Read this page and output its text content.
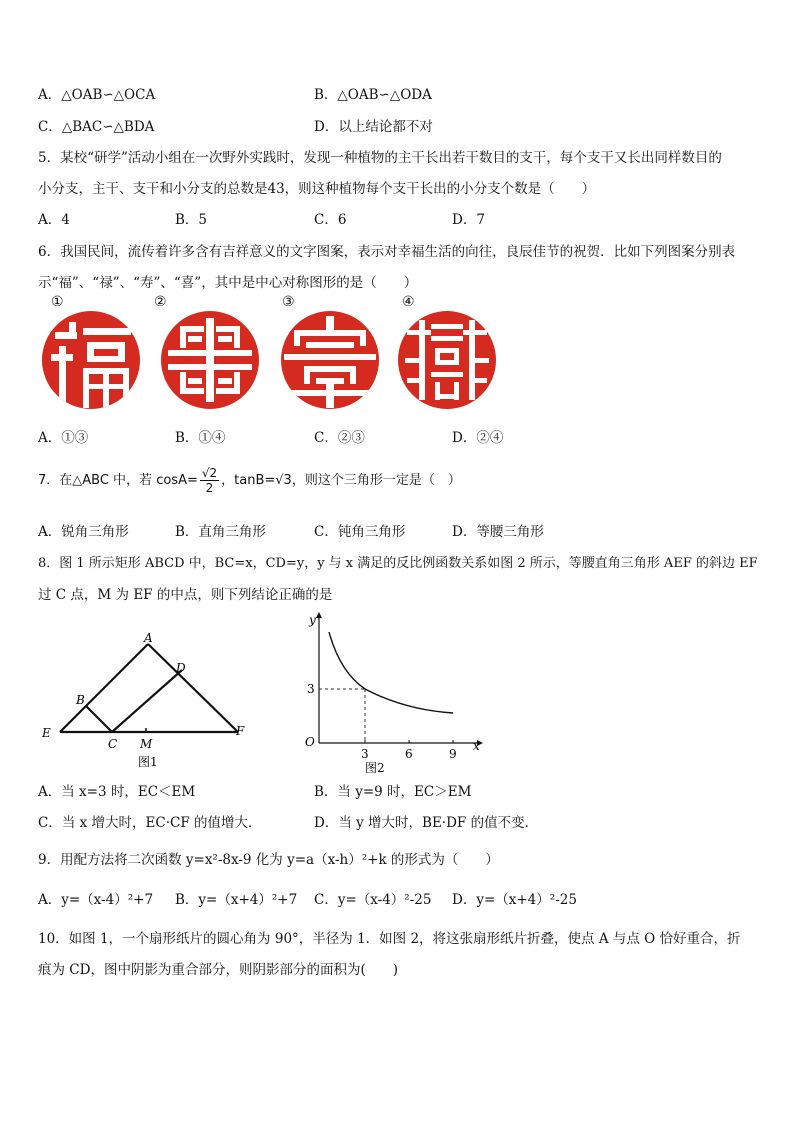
A．△OAB∽△OCA	B．△OAB∽△ODA
C．△BAC∽△BDA	D．以上结论都不对
5．某校“研学”活动小组在一次野外实践时，发现一种植物的主干长出若干数目的支干，每个支干又长出同样数目的
小分支，主干、支干和小分支的总数是43，则这种植物每个支干长出的小分支个数是（　　）
A．4	B．5	C．6	D．7
6．我国民间，流传着许多含有吉祥意义的文字图案，表示对幸福生活的向往，良辰佳节的祝贺．比如下列图案分别表
示“福”、“禄”、“寿”、“喜”，其中是中心对称图形的是（　　）
①	②	③	④
A．①③	B．①④	C．②③	D．②④
7．在△ABC 中，若 $\cos A= \frac{√2}{2}$ ，tanB=√3，则这个三角形一定是（　）
A．锐角三角形	B．直角三角形	C．钝角三角形	D．等腰三角形
8．图 1 所示矩形 ABCD 中，BC=x，CD=y，y 与 x 满足的反比例函数关系如图 2 所示，等腰直角三角形 AEF 的斜边 EF
过 C 点，M 为 EF 的中点，则下列结论正确的是
A
B
C
D
E	F
M
图1
y
x
O
3
3	6	9
图2
A．当 x=3 时，EC＜EM	B．当 y=9 时，EC＞EM
C．当 x 增大时，EC·CF 的值增大．	D．当 y 增大时，BE·DF 的值不变．
9．用配方法将二次函数 y=x²-8x-9 化为 y=a（x-h）²+k 的形式为（　　）
A．y=（x-4）²+7 B．y=（x+4）²+7 C．y=（x-4）²-25 D．y=（x+4）²-25
10．如图 1，一个扇形纸片的圆心角为 90°，半径为 1．如图 2，将这张扇形纸片折叠，使点 A 与点 O 恰好重合，折
痕为 CD，图中阴影为重合部分，则阴影部分的面积为(　　)
